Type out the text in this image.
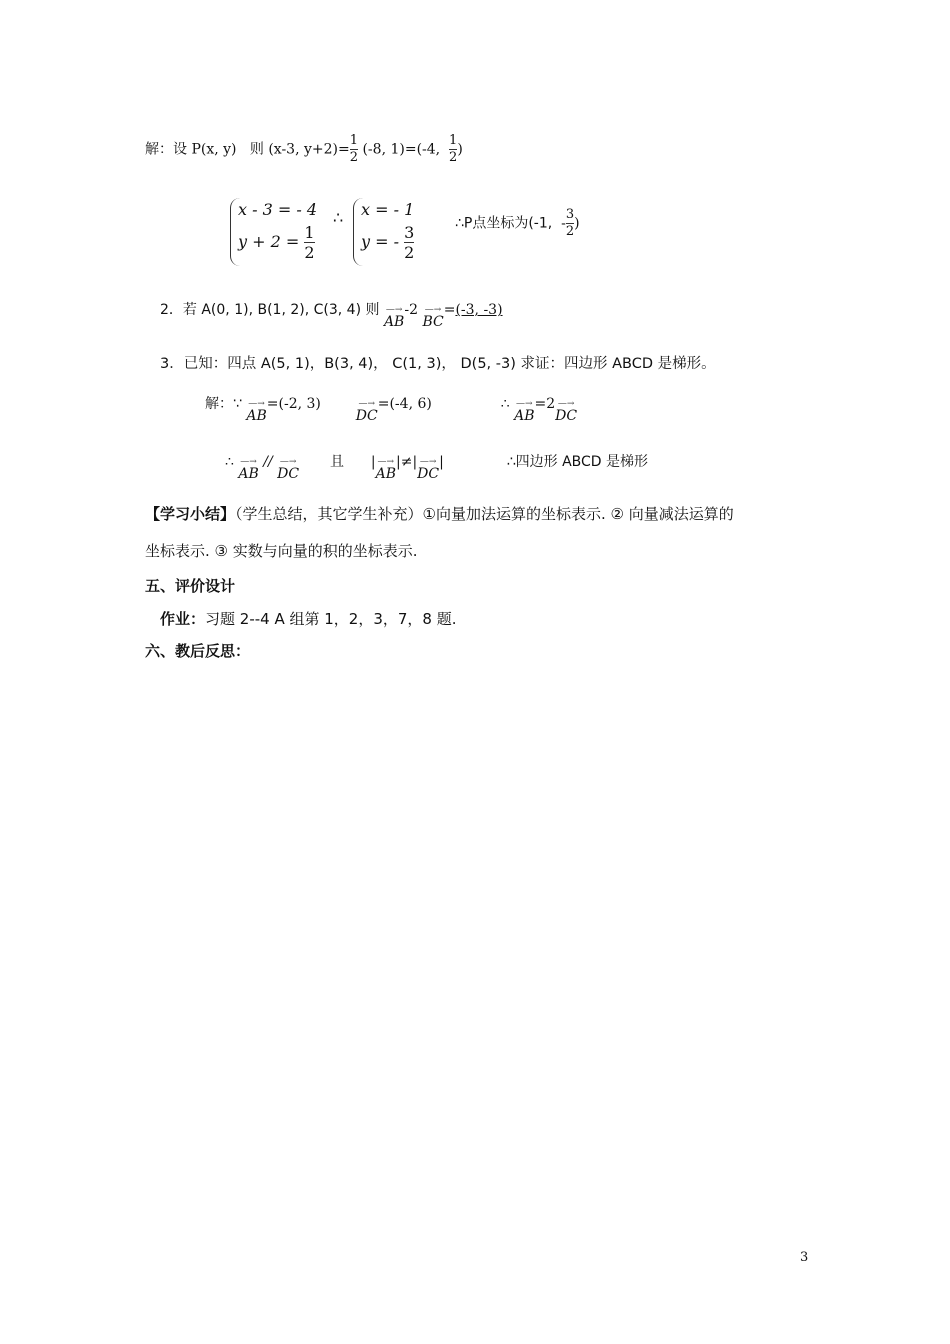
解：设 P(x, y) 则 (x-3, $y+2)= \frac{1}{2} (-8$, 1)=(-4, $\frac{1}{2}$ )
x - 3 = - 4
$y + 2 = \frac{1}{2}$
∴ x = - 1
y = - $\frac{3}{2}$
∴P点坐标为(-1, - $\frac{3}{2}$ )
2．若 A(0, 1), B(1, 2), C(3, 4) 则 —→
AB
-2 —→
BC
=(-3, -3)
3．已知：四点 A(5, 1)，B(3, 4)， C(1, 3)， D(5, -3) 求证：四边形 ABCD 是梯形。
解：∵ —→
AB
=(-2, 3)	—→
DC
=(-4, 6)	∴ —→
AB
=2 —→
DC
∴ —→
AB
// —→
DC
且 | —→
AB
|≠| —→
DC
|	∴四边形 ABCD 是梯形
【学习小结】（学生总结，其它学生补充）①向量加法运算的坐标表示. ② 向量减法运算的
坐标表示. ③ 实数与向量的积的坐标表示.
五、评价设计
作业：习题 2--4 A 组第 1，2，3，7，8 题.
六、教后反思：
3
